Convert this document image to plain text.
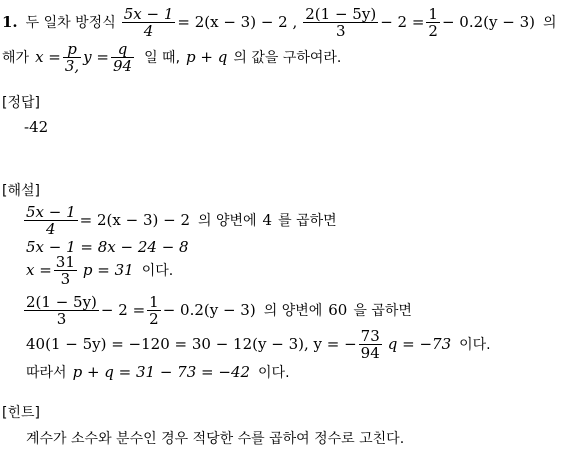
1. 두 일차 방정식 $\frac{5x - 1}{4} = 2(x - 3) - 2$ , $\frac{2(1 - 5y)}{3} - 2 = \frac{1}{2} - 0.2(y - 3)$ 의
해가 $x = \frac{p}{3,}$ $y = \frac{q}{94}$ 일 때, p + q 의 값을 구하여라.
[정답]
-42
[해설]
$\frac{5x - 1}{4} = 2(x - 3) - 2$ 의 양변에 4 를 곱하면
5x − 1 = 8x − 24 − 8
$x = \frac{31}{3}$ p = 31 이다.
$\frac{2(1 - 5y)}{3} - 2 = \frac{1}{2} - 0.2(y - 3)$ 의 양변에 60 을 곱하면
40(1 − 5y) = −120 = 30 − 12(y − 3), y = − $\frac{73}{94}$ q = −73 이다.
따라서 p + q = 31 − 73 = −42 이다.
[힌트]
계수가 소수와 분수인 경우 적당한 수를 곱하여 정수로 고친다.
